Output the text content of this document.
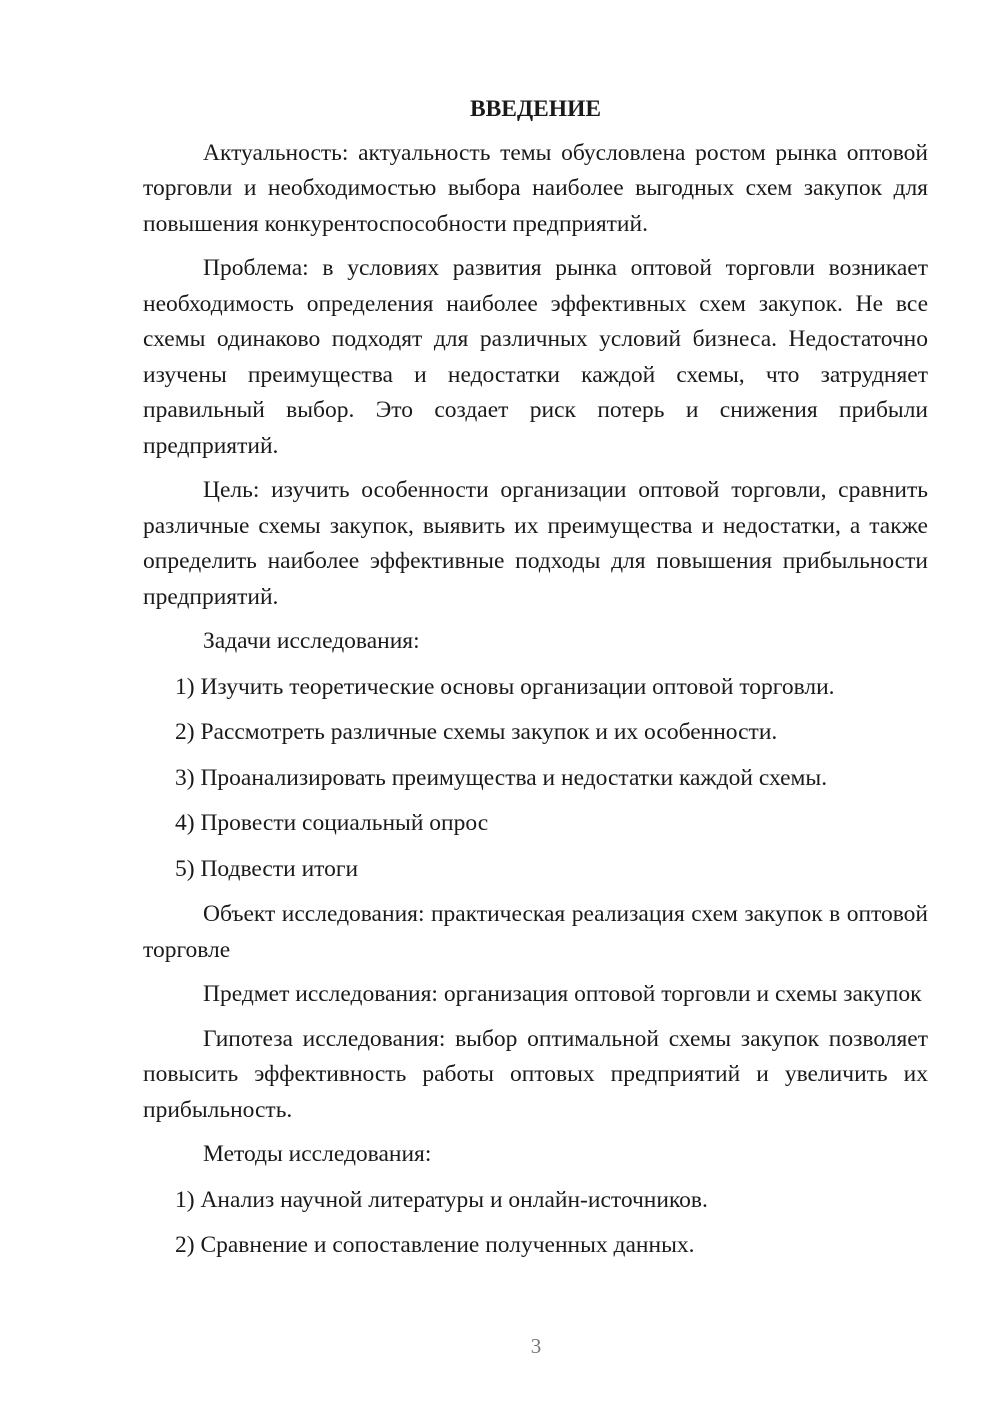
ВВЕДЕНИЕ

Актуальность: актуальность темы обусловлена ростом рынка оптовой торговли и необходимостью выбора наиболее выгодных схем закупок для повышения конкурентоспособности предприятий.

Проблема: в условиях развития рынка оптовой торговли возникает необходимость определения наиболее эффективных схем закупок. Не все схемы одинаково подходят для различных условий бизнеса. Недостаточно изучены преимущества и недостатки каждой схемы, что затрудняет правильный выбор. Это создает риск потерь и снижения прибыли предприятий.

Цель: изучить особенности организации оптовой торговли, сравнить различные схемы закупок, выявить их преимущества и недостатки, а также определить наиболее эффективные подходы для повышения прибыльности предприятий.

Задачи исследования:

1) Изучить теоретические основы организации оптовой торговли.

2) Рассмотреть различные схемы закупок и их особенности.

3) Проанализировать преимущества и недостатки каждой схемы.

4) Провести социальный опрос

5) Подвести итоги

Объект исследования: практическая реализация схем закупок в оптовой торговле

Предмет исследования: организация оптовой торговли и схемы закупок

Гипотеза исследования: выбор оптимальной схемы закупок позволяет повысить эффективность работы оптовых предприятий и увеличить их прибыльность.

Методы исследования:

1) Анализ научной литературы и онлайн-источников.

2) Сравнение и сопоставление полученных данных.

3
